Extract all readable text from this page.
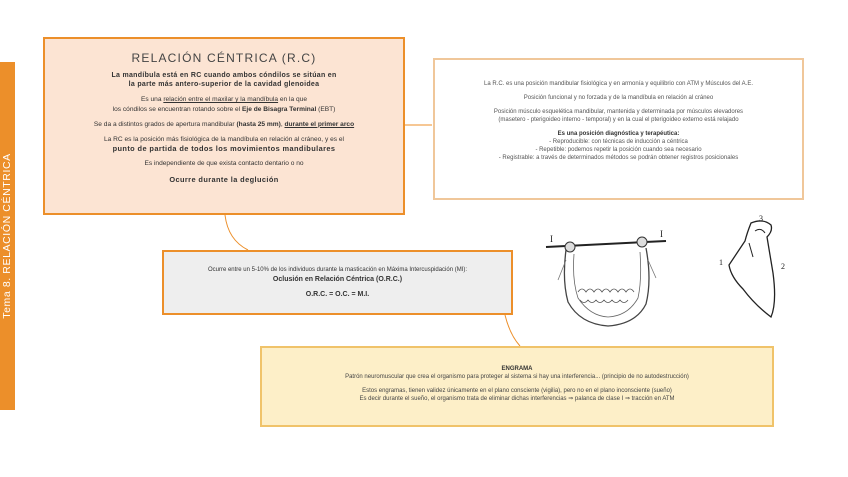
Tema 8. RELACIÓN CÉNTRICA
RELACIÓN CÉNTRICA (R.C)

La mandíbula está en RC cuando ambos cóndilos se sitúan en

la parte más antero-superior de la cavidad glenoidea

Es una relación entre el maxilar y la mandíbula en la que

los cóndilos se encuentran rotando sobre el Eje de Bisagra Terminal (EBT)

Se da a distintos grados de apertura mandibular (hasta 25 mm), durante el primer arco

La RC es la posición más fisiológica de la mandíbula en relación al cráneo, y es el

punto de partida de todos los movimientos mandibulares

Es independiente de que exista contacto dentario o no

Ocurre durante la deglución

La R.C. es una posición mandibular fisiológica y en armonía y equilibrio con ATM y Músculos del A.E.

Posición funcional y no forzada y de la mandíbula en relación al cráneo

Posición músculo esquelética mandibular, mantenida y determinada por músculos elevadores

(masetero - pterigoideo interno - temporal) y en la cual el pterigoideo externo está relajado

Es una posición diagnóstica y terapéutica:

- Reproducible: con técnicas de inducción a céntrica

- Repetible: podemos repetir la posición cuando sea necesario

- Registrable: a través de determinados métodos se podrán obtener registros posicionales

Ocurre entre un 5-10% de los individuos durante la masticación en Máxima Intercuspidación (MI):

Oclusión en Relación Céntrica (O.R.C.)

O.R.C. = O.C. = M.I.

ENGRAMA

Patrón neuromuscular que crea el organismo para proteger al sistema si hay una interferencia... (principio de no autodestrucción)

Estos engramas, tienen validez únicamente en el plano consciente (vigilia), pero no en el plano inconsciente (sueño)

Es decir durante el sueño, el organismo trata de eliminar dichas interferencias ⇒ palanca de clase I ⇒ tracción en ATM

I	I
1	2
3
